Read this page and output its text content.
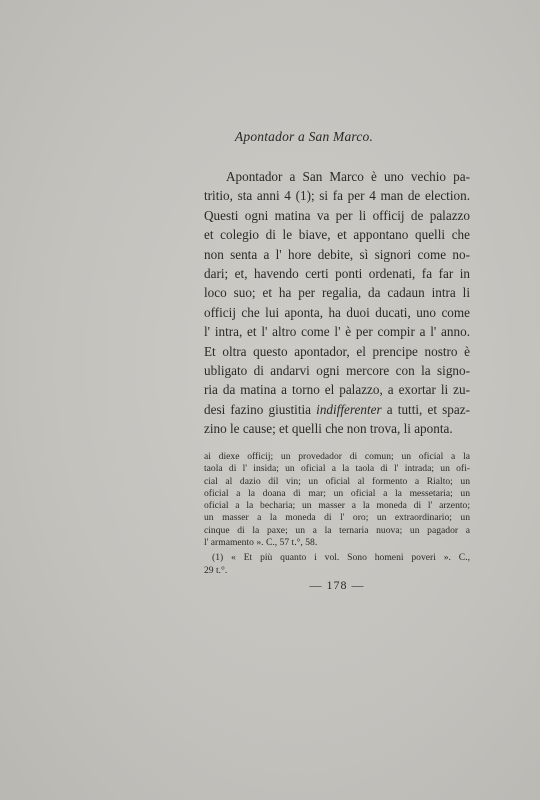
Apontador a San Marco.
Apontador a San Marco è uno vechio pa-
tritio, sta anni 4 (1); si fa per 4 man de election.
Questi ogni matina va per li officij de palazzo
et colegio di le biave, et appontano quelli che
non senta a l' hore debite, sì signori come no-
dari; et, havendo certi ponti ordenati, fa far in
loco suo; et ha per regalia, da cadaun intra li
officij che lui aponta, ha duoi ducati, uno come
l' intra, et l' altro come l' è per compir a l' anno.
Et oltra questo apontador, el prencipe nostro è
ubligato di andarvi ogni mercore con la signo-
ria da matina a torno el palazzo, a exortar li zu-
desi fazino giustitia indifferenter a tutti, et spaz-
zino le cause; et quelli che non trova, li aponta.
ai diexe officij; un provedador di comun; un oficial a la
taola di l' insida; un oficial a la taola di l' intrada; un ofi-
cial al dazio dil vin; un oficial al formento a Rialto; un
oficial a la doana di mar; un oficial a la messetaria; un
oficial a la becharia; un masser a la moneda di l' arzento;
un masser a la moneda di l' oro; un extraordinario; un
cinque di la paxe; un a la ternaria nuova; un pagador a
l' armamento ». C., 57 t.°, 58.
(1) « Et più quanto i vol. Sono homeni poveri ». C.,
29 t.°.
— 178 —
